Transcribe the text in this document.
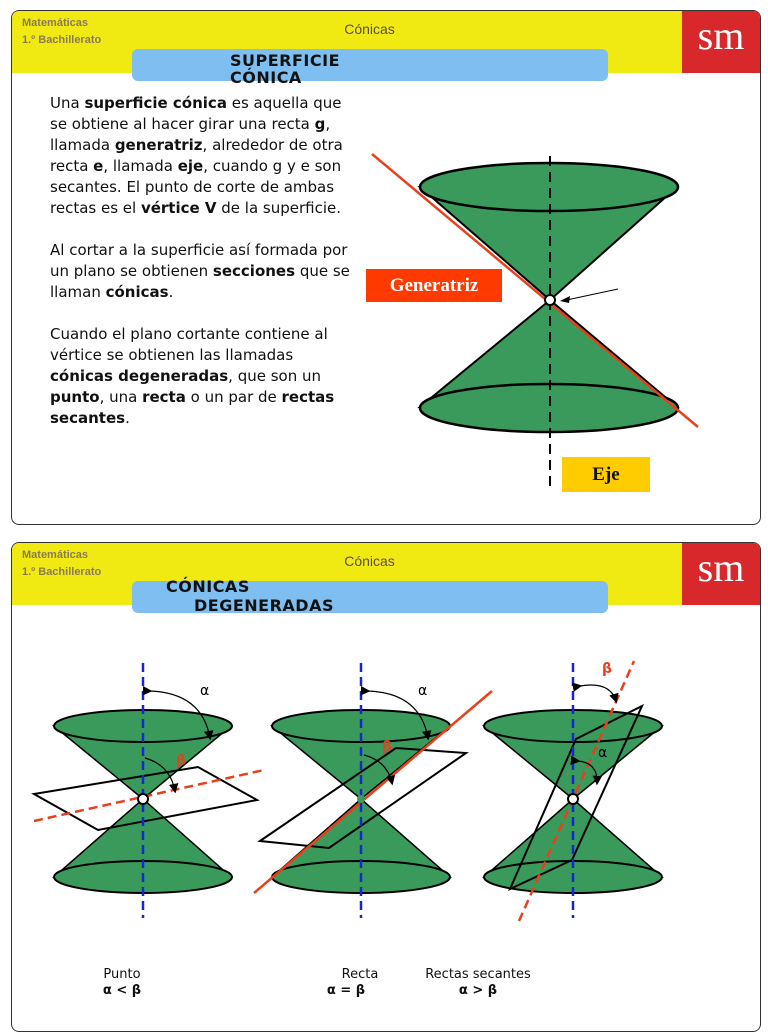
Matemáticas
1.º Bachillerato
Cónicas	sm
SUPERFICIE
CÓNICA

Una superficie cónica es aquella que se obtiene al hacer girar una recta g, llamada generatriz, alrededor de otra recta e, llamada eje, cuando g y e son secantes. El punto de corte de ambas rectas es el vértice V de la superficie.

Al cortar a la superficie así formada por un plano se obtienen secciones que se llaman cónicas.

Cuando el plano cortante contiene al vértice se obtienen las llamadas cónicas degeneradas, que son un punto, una recta o un par de rectas secantes.

Generatriz
Eje
Matemáticas
1.º Bachillerato
Cónicas	sm
CÓNICAS
DEGENERADAS
α
β
α
β
β
α
Punto
α < β
Recta
α = β
Rectas secantes
α > β
